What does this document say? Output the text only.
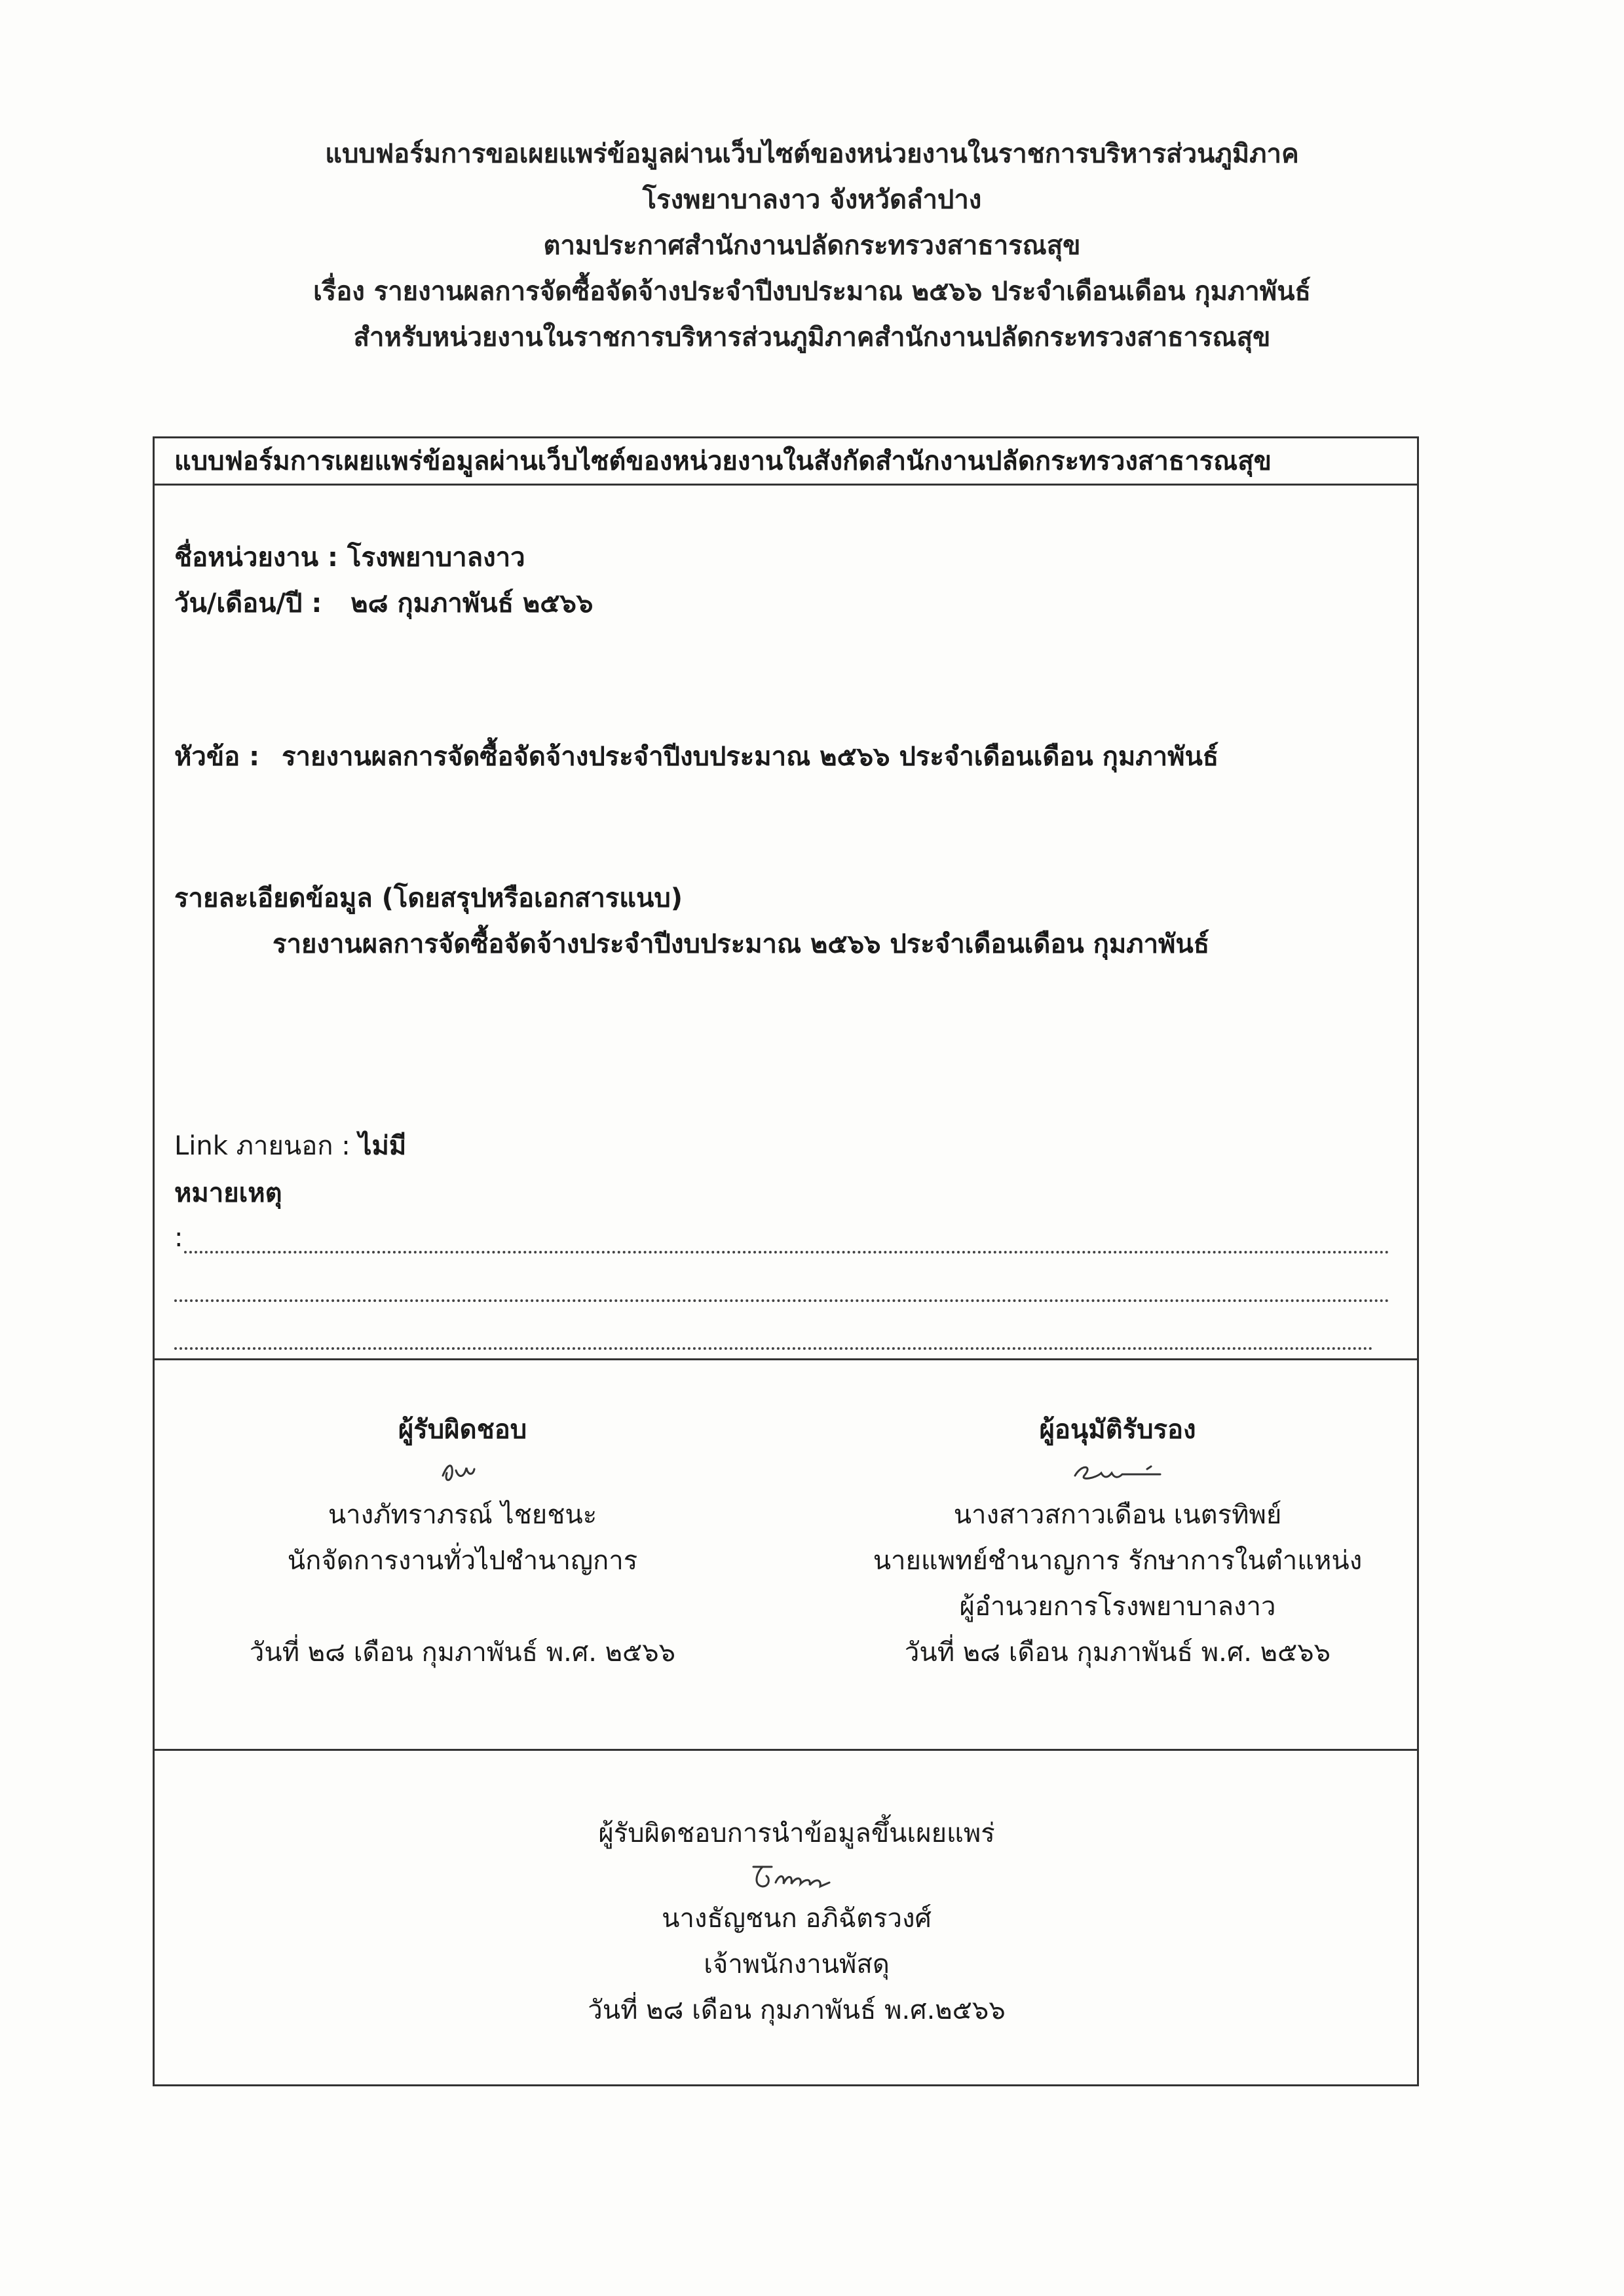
แบบฟอร์มการขอเผยแพร่ข้อมูลผ่านเว็บไซต์ของหน่วยงานในราชการบริหารส่วนภูมิภาค
โรงพยาบาลงาว จังหวัดลำปาง
ตามประกาศสำนักงานปลัดกระทรวงสาธารณสุข
เรื่อง รายงานผลการจัดซื้อจัดจ้างประจำปีงบประมาณ ๒๕๖๖ ประจำเดือนเดือน กุมภาพันธ์
สำหรับหน่วยงานในราชการบริหารส่วนภูมิภาคสำนักงานปลัดกระทรวงสาธารณสุข
แบบฟอร์มการเผยแพร่ข้อมูลผ่านเว็บไซต์ของหน่วยงานในสังกัดสำนักงานปลัดกระทรวงสาธารณสุข
ชื่อหน่วยงาน : โรงพยาบาลงาว
วัน/เดือน/ปี : ๒๘ กุมภาพันธ์ ๒๕๖๖
หัวข้อ : รายงานผลการจัดซื้อจัดจ้างประจำปีงบประมาณ ๒๕๖๖ ประจำเดือนเดือน กุมภาพันธ์
รายละเอียดข้อมูล (โดยสรุปหรือเอกสารแนบ)
รายงานผลการจัดซื้อจัดจ้างประจำปีงบประมาณ ๒๕๖๖ ประจำเดือนเดือน กุมภาพันธ์
Link ภายนอก : ไม่มี
หมายเหตุ
:
ผู้รับผิดชอบ
นางภัทราภรณ์ ไชยชนะ
นักจัดการงานทั่วไปชำนาญการ
วันที่ ๒๘ เดือน กุมภาพันธ์ พ.ศ. ๒๕๖๖
ผู้อนุมัติรับรอง
นางสาวสกาวเดือน เนตรทิพย์
นายแพทย์ชำนาญการ รักษาการในตำแหน่ง
ผู้อำนวยการโรงพยาบาลงาว
วันที่ ๒๘ เดือน กุมภาพันธ์ พ.ศ. ๒๕๖๖
ผู้รับผิดชอบการนำข้อมูลขึ้นเผยแพร่
นางธัญชนก อภิฉัตรวงศ์
เจ้าพนักงานพัสดุ
วันที่ ๒๘ เดือน กุมภาพันธ์ พ.ศ.๒๕๖๖
